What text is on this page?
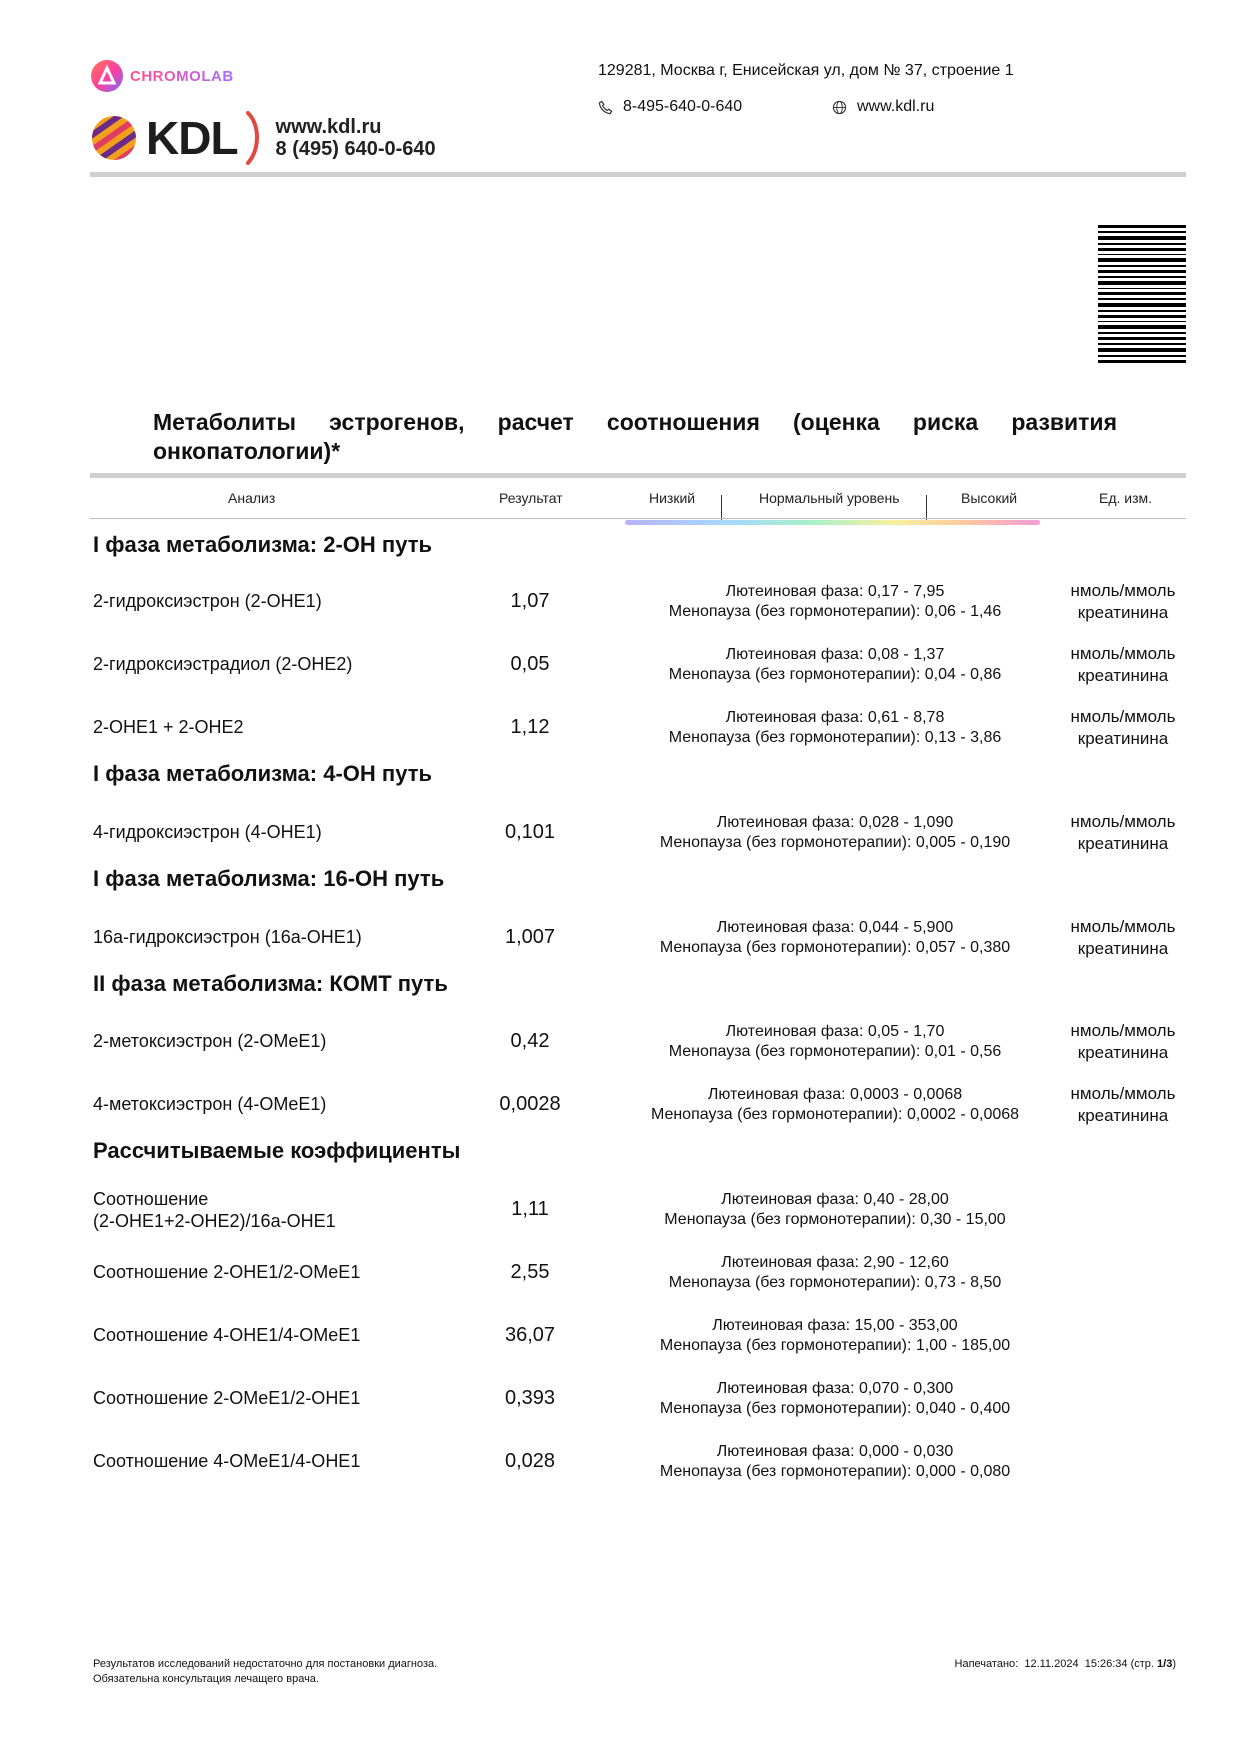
CHROMOLAB
KDL www.kdl.ru
8 (495) 640-0-640
129281, Москва г, Енисейская ул, дом № 37, строение 1
8-495-640-0-640	www.kdl.ru
Метаболиты эстрогенов, расчет соотношения (оценка риска развития онкопатологии)*
Анализ	Результат	Низкий	Нормальный уровень	Высокий	Ед. изм.
I фаза метаболизма: 2-OH путь
2-гидроксиэстрон (2-OHE1)	1,07	Лютеиновая фаза: 0,17 - 7,95
Менопауза (без гормонотерапии): 0,06 - 1,46
нмоль/ммоль
креатинина
2-гидроксиэстрадиол (2-OHE2)	0,05	Лютеиновая фаза: 0,08 - 1,37
Менопауза (без гормонотерапии): 0,04 - 0,86
нмоль/ммоль
креатинина
2-OHE1 + 2-OHE2	1,12	Лютеиновая фаза: 0,61 - 8,78
Менопауза (без гормонотерапии): 0,13 - 3,86
нмоль/ммоль
креатинина
I фаза метаболизма: 4-OH путь
4-гидроксиэстрон (4-OHE1)	0,101	Лютеиновая фаза: 0,028 - 1,090
Менопауза (без гормонотерапии): 0,005 - 0,190
нмоль/ммоль
креатинина
I фаза метаболизма: 16-OH путь
16a-гидроксиэстрон (16a-OHE1)	1,007	Лютеиновая фаза: 0,044 - 5,900
Менопауза (без гормонотерапии): 0,057 - 0,380
нмоль/ммоль
креатинина
II фаза метаболизма: КОМТ путь
2-метоксиэстрон (2-OMeE1)	0,42	Лютеиновая фаза: 0,05 - 1,70
Менопауза (без гормонотерапии): 0,01 - 0,56
нмоль/ммоль
креатинина
4-метоксиэстрон (4-OMeE1)	0,0028	Лютеиновая фаза: 0,0003 - 0,0068
Менопауза (без гормонотерапии): 0,0002 - 0,0068
нмоль/ммоль
креатинина
Рассчитываемые коэффициенты
Соотношение
(2-OHE1+2-OHE2)/16a-OHE1
1,11	Лютеиновая фаза: 0,40 - 28,00
Менопауза (без гормонотерапии): 0,30 - 15,00
Соотношение 2-OHE1/2-OMeE1	2,55	Лютеиновая фаза: 2,90 - 12,60
Менопауза (без гормонотерапии): 0,73 - 8,50
Соотношение 4-OHE1/4-OMeE1	36,07	Лютеиновая фаза: 15,00 - 353,00
Менопауза (без гормонотерапии): 1,00 - 185,00
Соотношение 2-OMeE1/2-OHE1	0,393	Лютеиновая фаза: 0,070 - 0,300
Менопауза (без гормонотерапии): 0,040 - 0,400
Соотношение 4-OMeE1/4-OHE1	0,028	Лютеиновая фаза: 0,000 - 0,030
Менопауза (без гормонотерапии): 0,000 - 0,080
Результатов исследований недостаточно для постановки диагноза.
Обязательна консультация лечащего врача.
Напечатано: 12.11.2024 15:26:34 (стр. 1/3)
